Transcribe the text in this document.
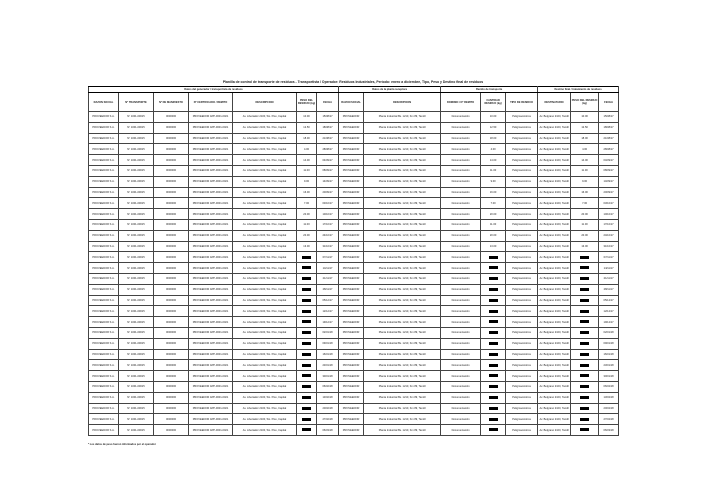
Planilla de control de transporte de residuos - Transportista / Operador: Residuos Industriales, Período: enero a diciembre, Tipo, Peso y Destino final de residuos
Datos del generador / transportista de residuos							Datos de la planta receptora		Remito de transporte			Destino final / tratamiento de residuos		
RAZON SOCIAL	Nº TRANSPORTE	Nº DE MANIFIESTO	Nº CERTIFICADO / REMITO	DESCRIPCION	PESO DEL RESIDUO (kg)	FECHA	RAZON SOCIAL	DESCRIPCION	DOMINIO / Nº REMITO	CANTIDAD RESIDUO (kg)	TIPO DE RESIDUO	DESTINATARIO	PESO DEL RESIDUO (kg)	FECHA
PROVEEDOR S.A.	Nº 1001-00015	0000000	PROVEEDOR APP-0001-0021	Av. Libertador 2100, 5to. Piso, Capital	10.00	15/08/17	PROVEEDOR	Planta Industrial Bs. 1210, Km 89, Tandil	Documentación	10.00	Peligrosos/otros	Av. Belgrano 2100, Tandil	10.00	15/08/17
PROVEEDOR S.A.	Nº 1001-00015	0000000	PROVEEDOR APP-0001-0021	Av. Libertador 2100, 5to. Piso, Capital	12.50	18/08/17	PROVEEDOR	Planta Industrial Bs. 1210, Km 89, Tandil	Documentación	12.50	Peligrosos/otros	Av. Belgrano 2100, Tandil	12.50	18/08/17
PROVEEDOR S.A.	Nº 1001-00015	0000000	PROVEEDOR APP-0001-0021	Av. Libertador 2100, 5to. Piso, Capital	18.00	21/08/17	PROVEEDOR	Planta Industrial Bs. 1210, Km 89, Tandil	Documentación	18.00	Peligrosos/otros	Av. Belgrano 2100, Tandil	18.00	21/08/17
PROVEEDOR S.A.	Nº 1001-00015	0000000	PROVEEDOR APP-0001-0021	Av. Libertador 2100, 5to. Piso, Capital	4.00	28/08/17	PROVEEDOR	Planta Industrial Bs. 1210, Km 89, Tandil	Documentación	4.00	Peligrosos/otros	Av. Belgrano 2100, Tandil	4.00	28/08/17
PROVEEDOR S.A.	Nº 1001-00015	0000000	PROVEEDOR APP-0001-0021	Av. Libertador 2100, 5to. Piso, Capital	14.00	04/09/17	PROVEEDOR	Planta Industrial Bs. 1210, Km 89, Tandil	Documentación	14.00	Peligrosos/otros	Av. Belgrano 2100, Tandil	14.00	04/09/17
PROVEEDOR S.A.	Nº 1001-00015	0000000	PROVEEDOR APP-0001-0021	Av. Libertador 2100, 5to. Piso, Capital	11.00	08/09/17	PROVEEDOR	Planta Industrial Bs. 1210, Km 89, Tandil	Documentación	11.00	Peligrosos/otros	Av. Belgrano 2100, Tandil	11.00	08/09/17
PROVEEDOR S.A.	Nº 1001-00015	0000000	PROVEEDOR APP-0001-0021	Av. Libertador 2100, 5to. Piso, Capital	9.00	14/09/17	PROVEEDOR	Planta Industrial Bs. 1210, Km 89, Tandil	Documentación	9.00	Peligrosos/otros	Av. Belgrano 2100, Tandil	9.00	14/09/17
PROVEEDOR S.A.	Nº 1001-00015	0000000	PROVEEDOR APP-0001-0021	Av. Libertador 2100, 5to. Piso, Capital	16.00	20/09/17	PROVEEDOR	Planta Industrial Bs. 1210, Km 89, Tandil	Documentación	16.00	Peligrosos/otros	Av. Belgrano 2100, Tandil	16.00	20/09/17
PROVEEDOR S.A.	Nº 1001-00015	0000000	PROVEEDOR APP-0001-0021	Av. Libertador 2100, 5to. Piso, Capital	7.00	03/10/17	PROVEEDOR	Planta Industrial Bs. 1210, Km 89, Tandil	Documentación	7.00	Peligrosos/otros	Av. Belgrano 2100, Tandil	7.00	03/10/17
PROVEEDOR S.A.	Nº 1001-00015	0000000	PROVEEDOR APP-0001-0021	Av. Libertador 2100, 5to. Piso, Capital	20.00	10/10/17	PROVEEDOR	Planta Industrial Bs. 1210, Km 89, Tandil	Documentación	20.00	Peligrosos/otros	Av. Belgrano 2100, Tandil	20.00	10/10/17
PROVEEDOR S.A.	Nº 1001-00015	0000000	PROVEEDOR APP-0001-0021	Av. Libertador 2100, 5to. Piso, Capital	11.00	17/10/17	PROVEEDOR	Planta Industrial Bs. 1210, Km 89, Tandil	Documentación	11.00	Peligrosos/otros	Av. Belgrano 2100, Tandil	11.00	17/10/17
PROVEEDOR S.A.	Nº 1001-00015	0000000	PROVEEDOR APP-0001-0021	Av. Libertador 2100, 5to. Piso, Capital	20.00	24/10/17	PROVEEDOR	Planta Industrial Bs. 1210, Km 89, Tandil	Documentación	20.00	Peligrosos/otros	Av. Belgrano 2100, Tandil	20.00	24/10/17
PROVEEDOR S.A.	Nº 1001-00015	0000000	PROVEEDOR APP-0001-0021	Av. Libertador 2100, 5to. Piso, Capital	13.00	31/10/17	PROVEEDOR	Planta Industrial Bs. 1210, Km 89, Tandil	Documentación	13.00	Peligrosos/otros	Av. Belgrano 2100, Tandil	13.00	31/10/17
PROVEEDOR S.A.	Nº 1001-00015	0000000	PROVEEDOR APP-0001-0021	Av. Libertador 2100, 5to. Piso, Capital		07/11/17	PROVEEDOR	Planta Industrial Bs. 1210, Km 89, Tandil	Documentación		Peligrosos/otros	Av. Belgrano 2100, Tandil		07/11/17
PROVEEDOR S.A.	Nº 1001-00015	0000000	PROVEEDOR APP-0001-0021	Av. Libertador 2100, 5to. Piso, Capital		14/11/17	PROVEEDOR	Planta Industrial Bs. 1210, Km 89, Tandil	Documentación		Peligrosos/otros	Av. Belgrano 2100, Tandil		14/11/17
PROVEEDOR S.A.	Nº 1001-00015	0000000	PROVEEDOR APP-0001-0021	Av. Libertador 2100, 5to. Piso, Capital		21/11/17	PROVEEDOR	Planta Industrial Bs. 1210, Km 89, Tandil	Documentación		Peligrosos/otros	Av. Belgrano 2100, Tandil		21/11/17
PROVEEDOR S.A.	Nº 1001-00015	0000000	PROVEEDOR APP-0001-0021	Av. Libertador 2100, 5to. Piso, Capital		28/11/17	PROVEEDOR	Planta Industrial Bs. 1210, Km 89, Tandil	Documentación		Peligrosos/otros	Av. Belgrano 2100, Tandil		28/11/17
PROVEEDOR S.A.	Nº 1001-00015	0000000	PROVEEDOR APP-0001-0021	Av. Libertador 2100, 5to. Piso, Capital		05/12/17	PROVEEDOR	Planta Industrial Bs. 1210, Km 89, Tandil	Documentación		Peligrosos/otros	Av. Belgrano 2100, Tandil		05/12/17
PROVEEDOR S.A.	Nº 1001-00015	0000000	PROVEEDOR APP-0001-0021	Av. Libertador 2100, 5to. Piso, Capital		12/12/17	PROVEEDOR	Planta Industrial Bs. 1210, Km 89, Tandil	Documentación		Peligrosos/otros	Av. Belgrano 2100, Tandil		12/12/17
PROVEEDOR S.A.	Nº 1001-00015	0000000	PROVEEDOR APP-0001-0021	Av. Libertador 2100, 5to. Piso, Capital		19/12/17	PROVEEDOR	Planta Industrial Bs. 1210, Km 89, Tandil	Documentación		Peligrosos/otros	Av. Belgrano 2100, Tandil		19/12/17
PROVEEDOR S.A.	Nº 1001-00015	0000000	PROVEEDOR APP-0001-0021	Av. Libertador 2100, 5to. Piso, Capital		02/01/18	PROVEEDOR	Planta Industrial Bs. 1210, Km 89, Tandil	Documentación		Peligrosos/otros	Av. Belgrano 2100, Tandil		02/01/18
PROVEEDOR S.A.	Nº 1001-00015	0000000	PROVEEDOR APP-0001-0021	Av. Libertador 2100, 5to. Piso, Capital		09/01/18	PROVEEDOR	Planta Industrial Bs. 1210, Km 89, Tandil	Documentación		Peligrosos/otros	Av. Belgrano 2100, Tandil		09/01/18
PROVEEDOR S.A.	Nº 1001-00015	0000000	PROVEEDOR APP-0001-0021	Av. Libertador 2100, 5to. Piso, Capital		16/01/18	PROVEEDOR	Planta Industrial Bs. 1210, Km 89, Tandil	Documentación		Peligrosos/otros	Av. Belgrano 2100, Tandil		16/01/18
PROVEEDOR S.A.	Nº 1001-00015	0000000	PROVEEDOR APP-0001-0021	Av. Libertador 2100, 5to. Piso, Capital		23/01/18	PROVEEDOR	Planta Industrial Bs. 1210, Km 89, Tandil	Documentación		Peligrosos/otros	Av. Belgrano 2100, Tandil		23/01/18
PROVEEDOR S.A.	Nº 1001-00015	0000000	PROVEEDOR APP-0001-0021	Av. Libertador 2100, 5to. Piso, Capital		30/01/18	PROVEEDOR	Planta Industrial Bs. 1210, Km 89, Tandil	Documentación		Peligrosos/otros	Av. Belgrano 2100, Tandil		30/01/18
PROVEEDOR S.A.	Nº 1001-00015	0000000	PROVEEDOR APP-0001-0021	Av. Libertador 2100, 5to. Piso, Capital		06/02/18	PROVEEDOR	Planta Industrial Bs. 1210, Km 89, Tandil	Documentación		Peligrosos/otros	Av. Belgrano 2100, Tandil		06/02/18
PROVEEDOR S.A.	Nº 1001-00015	0000000	PROVEEDOR APP-0001-0021	Av. Libertador 2100, 5to. Piso, Capital		13/02/18	PROVEEDOR	Planta Industrial Bs. 1210, Km 89, Tandil	Documentación		Peligrosos/otros	Av. Belgrano 2100, Tandil		13/02/18
PROVEEDOR S.A.	Nº 1001-00015	0000000	PROVEEDOR APP-0001-0021	Av. Libertador 2100, 5to. Piso, Capital		20/02/18	PROVEEDOR	Planta Industrial Bs. 1210, Km 89, Tandil	Documentación		Peligrosos/otros	Av. Belgrano 2100, Tandil		20/02/18
PROVEEDOR S.A.	Nº 1001-00015	0000000	PROVEEDOR APP-0001-0021	Av. Libertador 2100, 5to. Piso, Capital		27/02/18	PROVEEDOR	Planta Industrial Bs. 1210, Km 89, Tandil	Documentación		Peligrosos/otros	Av. Belgrano 2100, Tandil		27/02/18
PROVEEDOR S.A.	Nº 1001-00015	0000000	PROVEEDOR APP-0001-0021	Av. Libertador 2100, 5to. Piso, Capital		06/03/18	PROVEEDOR	Planta Industrial Bs. 1210, Km 89, Tandil	Documentación		Peligrosos/otros	Av. Belgrano 2100, Tandil		06/03/18
* Los datos de peso fueron informados por el operador
